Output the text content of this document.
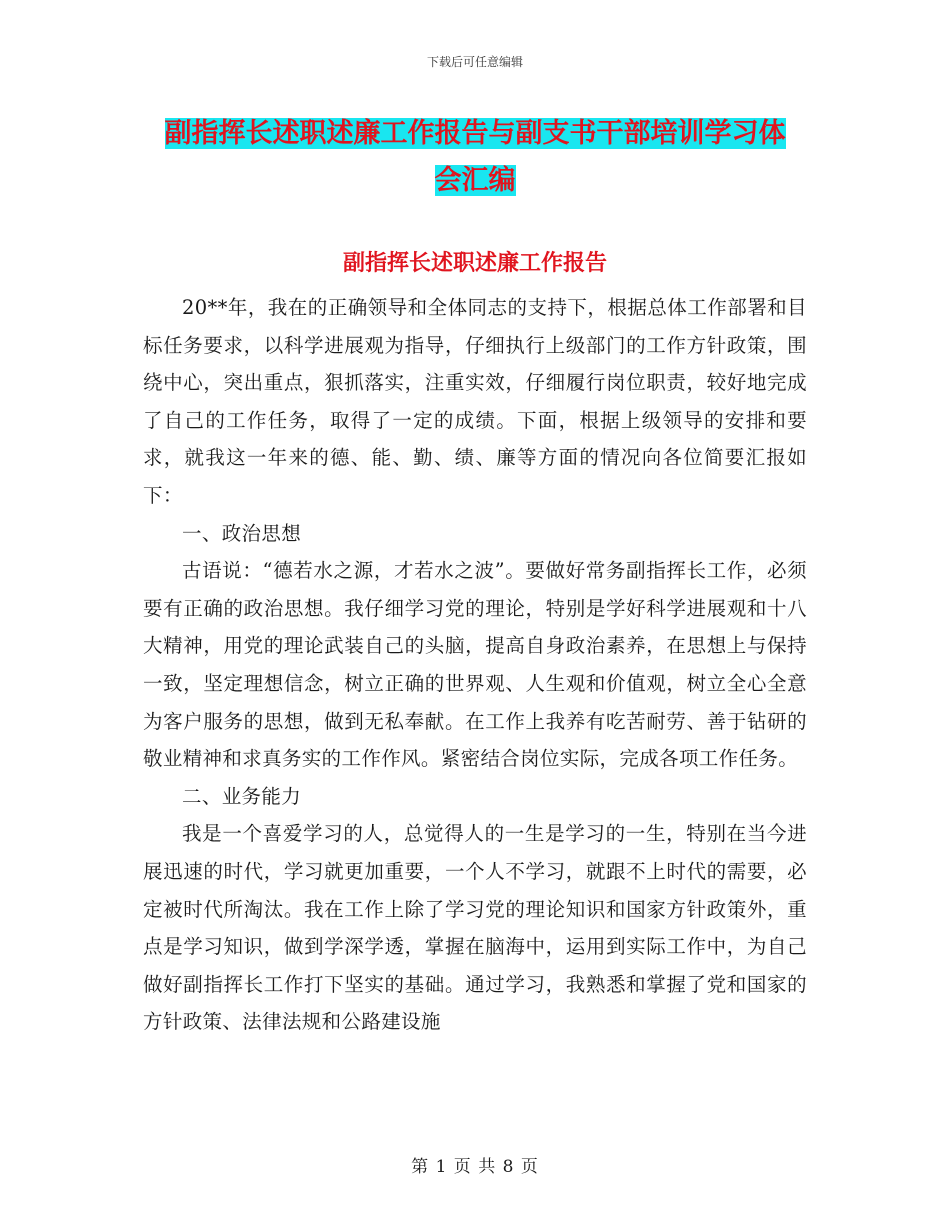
下载后可任意编辑
副指挥长述职述廉工作报告与副支书干部培训学习体
会汇编
副指挥长述职述廉工作报告

20**年，我在的正确领导和全体同志的支持下，根据总体工作部署和目标任务要求，以科学进展观为指导，仔细执行上级部门的工作方针政策，围绕中心，突出重点，狠抓落实，注重实效，仔细履行岗位职责，较好地完成了自己的工作任务，取得了一定的成绩。下面，根据上级领导的安排和要求，就我这一年来的德、能、勤、绩、廉等方面的情况向各位简要汇报如下：

一、政治思想

古语说：“德若水之源，才若水之波”。要做好常务副指挥长工作，必须要有正确的政治思想。我仔细学习党的理论，特别是学好科学进展观和十八大精神，用党的理论武装自己的头脑，提高自身政治素养，在思想上与保持一致，坚定理想信念，树立正确的世界观、人生观和价值观，树立全心全意为客户服务的思想，做到无私奉献。在工作上我养有吃苦耐劳、善于钻研的敬业精神和求真务实的工作作风。紧密结合岗位实际，完成各项工作任务。

二、业务能力

我是一个喜爱学习的人，总觉得人的一生是学习的一生，特别在当今进展迅速的时代，学习就更加重要，一个人不学习，就跟不上时代的需要，必定被时代所淘汰。我在工作上除了学习党的理论知识和国家方针政策外，重点是学习知识，做到学深学透，掌握在脑海中，运用到实际工作中，为自己做好副指挥长工作打下坚实的基础。通过学习，我熟悉和掌握了党和国家的方针政策、法律法规和公路建设施

第 1 页 共 8 页
